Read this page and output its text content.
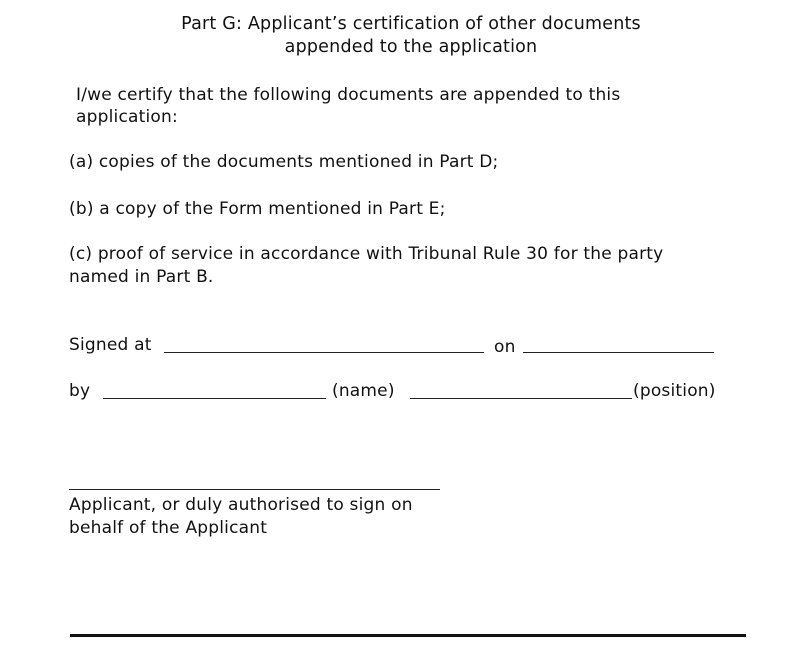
Part G: Applicant’s certification of other documents
appended to the application
I/we certify that the following documents are appended to this
application:
(a) copies of the documents mentioned in Part D;
(b) a copy of the Form mentioned in Part E;
(c) proof of service in accordance with Tribunal Rule 30 for the party
named in Part B.
Signed at	on
by	(name)	(position)
Applicant, or duly authorised to sign on
behalf of the Applicant
